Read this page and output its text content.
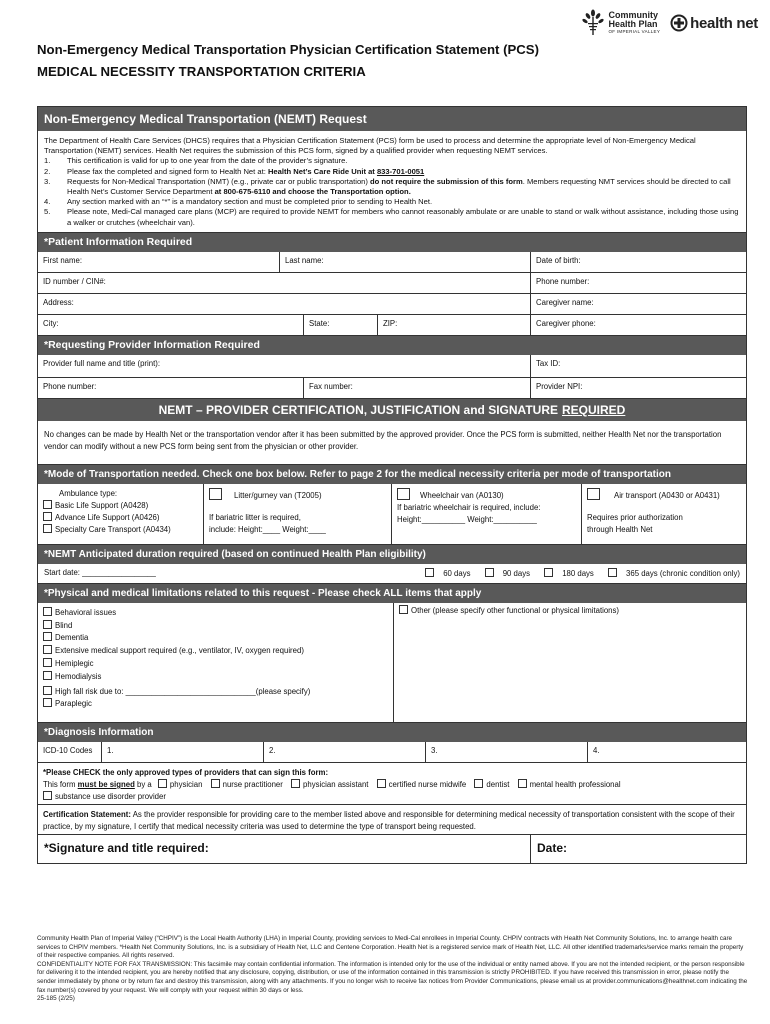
Community
Health Plan
OF IMPERIAL VALLEY health net
Non-Emergency Medical Transportation Physician Certification Statement (PCS)
MEDICAL NECESSITY TRANSPORTATION CRITERIA
Non-Emergency Medical Transportation (NEMT) Request
The Department of Health Care Services (DHCS) requires that a Physician Certification Statement (PCS) form be used to process and determine the appropriate level of Non-Emergency Medical Transportation (NEMT) services. Health Net requires the submission of this PCS form, signed by a qualified provider when requesting NEMT services.
1.	This certification is valid for up to one year from the date of the provider’s signature.
2.	Please fax the completed and signed form to Health Net at: Health Net’s Care Ride Unit at 833-701-0051
3.	Requests for Non-Medical Transportation (NMT) (e.g., private car or public transportation) do not require the submission of this form. Members requesting NMT services should be directed to call Health Net’s Customer Service Department at 800-675-6110 and choose the Transportation option.
4.	Any section marked with an “*” is a mandatory section and must be completed prior to sending to Health Net.
5.	Please note, Medi-Cal managed care plans (MCP) are required to provide NEMT for members who cannot reasonably ambulate or are unable to stand or walk without assistance, including those using a walker or crutches (wheelchair van).
*Patient Information Required
First name:	Last name:	Date of birth:
ID number / CIN#:	Phone number:
Address:	Caregiver name:
City:	State:	ZIP:	Caregiver phone:
*Requesting Provider Information Required
Provider full name and title (print):	Tax ID:
Phone number:	Fax number:	Provider NPI:
NEMT – PROVIDER CERTIFICATION, JUSTIFICATION and SIGNATURE REQUIRED
No changes can be made by Health Net or the transportation vendor after it has been submitted by the approved provider. Once the PCS form is submitted, neither Health Net nor the transportation vendor can modify without a new PCS form being sent from the physician or other provider.
*Mode of Transportation needed. Check one box below. Refer to page 2 for the medical necessity criteria per mode of transportation
Ambulance type:
Basic Life Support (A0428)
Advance Life Support (A0426)
Specialty Care Transport (A0434)
Litter/gurney van (T2005)
If bariatric litter is required,
include: Height:____ Weight:____
Wheelchair van (A0130)
If bariatric wheelchair is required, include:
Height:__________ Weight:__________
Air transport (A0430 or A0431)
Requires prior authorization
through Health Net
*NEMT Anticipated duration required (based on continued Health Plan eligibility)
Start date: _________________	60 days	90 days	180 days	365 days (chronic condition only)
*Physical and medical limitations related to this request - Please check ALL items that apply
Behavioral issues
Blind
Dementia
Extensive medical support required (e.g., ventilator, IV, oxygen required)
Hemiplegic
Hemodialysis
High fall risk due to: ______________________________(please specify)
Paraplegic
Other (please specify other functional or physical limitations)
*Diagnosis Information
ICD-10 Codes	1.	2.	3.	4.
*Please CHECK the only approved types of providers that can sign this form:
This form must be signed by a physician	nurse practitioner	physician assistant	certified nurse midwife	dentist	mental health professional
substance use disorder provider
Certification Statement: As the provider responsible for providing care to the member listed above and responsible for determining medical necessity of transportation consistent with the scope of their practice, by my signature, I certify that medical necessity criteria was used to determine the type of transport being requested.
*Signature and title required:	Date:
Community Health Plan of Imperial Valley (“CHPIV”) is the Local Health Authority (LHA) in Imperial County, providing services to Medi-Cal enrollees in Imperial County. CHPIV contracts with Health Net Community Solutions, Inc. to arrange health care services to CHPIV members. *Health Net Community Solutions, Inc. is a subsidiary of Health Net, LLC and Centene Corporation. Health Net is a registered service mark of Health Net, LLC. All other identified trademarks/service marks remain the property of their respective companies. All rights reserved.
CONFIDENTIALITY NOTE FOR FAX TRANSMISSION: This facsimile may contain confidential information. The information is intended only for the use of the individual or entity named above. If you are not the intended recipient, or the person responsible for delivering it to the intended recipient, you are hereby notified that any disclosure, copying, distribution, or use of the information contained in this transmission is strictly PROHIBITED. If you have received this transmission in error, please notify the sender immediately by phone or by return fax and destroy this transmission, along with any attachments. If you no longer wish to receive fax notices from Provider Communications, please email us at provider.communications@healthnet.com indicating the fax number(s) covered by your request. We will comply with your request within 30 days or less.
25-185 (2/25)
